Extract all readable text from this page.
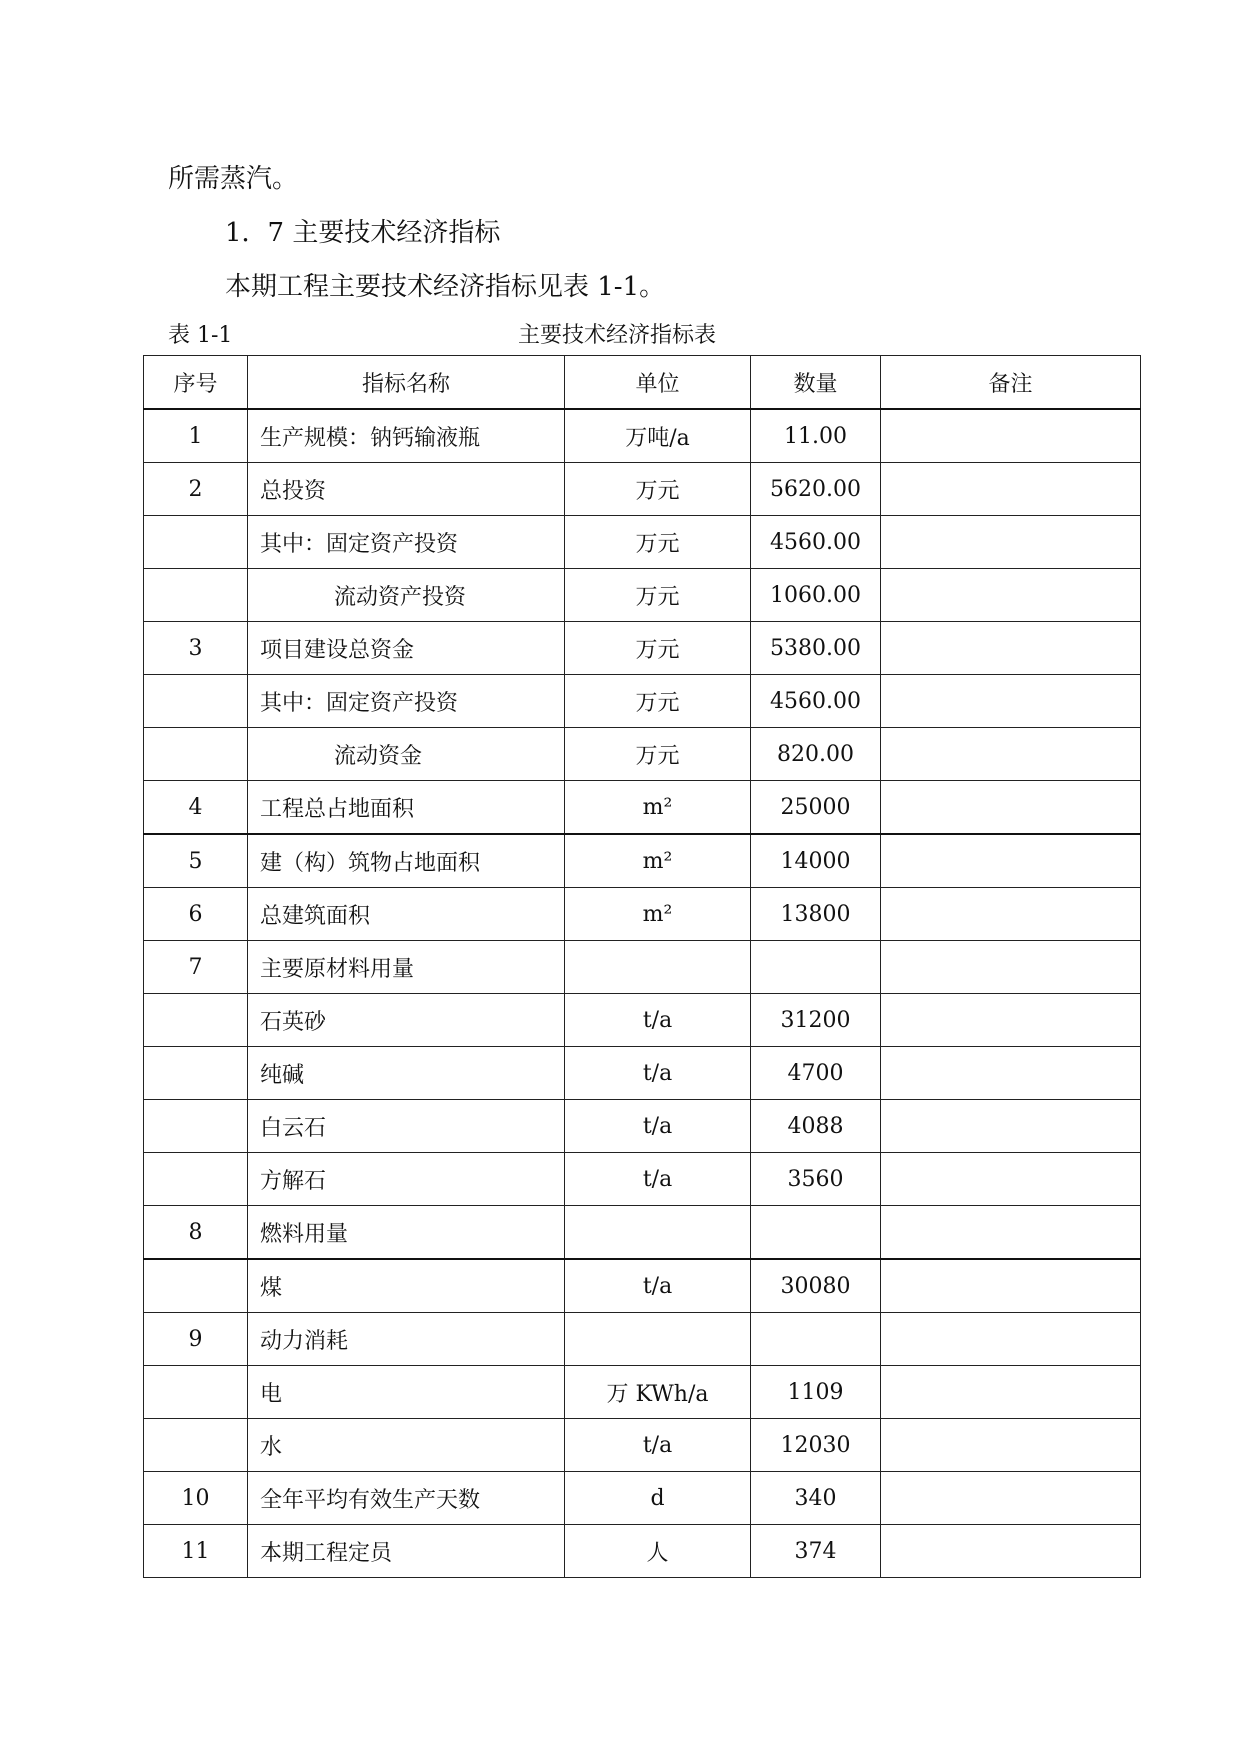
所需蒸汽。
1．7 主要技术经济指标
本期工程主要技术经济指标见表 1-1。
表 1-1	主要技术经济指标表
序号	指标名称	单位	数量	备注
1	生产规模：钠钙输液瓶	万吨/a	11.00	
2	总投资	万元	5620.00	
	其中：固定资产投资	万元	4560.00	
	流动资产投资	万元	1060.00	
3	项目建设总资金	万元	5380.00	
	其中：固定资产投资	万元	4560.00	
	流动资金	万元	820.00	
4	工程总占地面积	m²	25000	
5	建（构）筑物占地面积	m²	14000	
6	总建筑面积	m²	13800	
7	主要原材料用量			
	石英砂	t/a	31200	
	纯碱	t/a	4700	
	白云石	t/a	4088	
	方解石	t/a	3560	
8	燃料用量			
	煤	t/a	30080	
9	动力消耗			
	电	万 KWh/a	1109	
	水	t/a	12030	
10	全年平均有效生产天数	d	340	
11	本期工程定员	人	374	
